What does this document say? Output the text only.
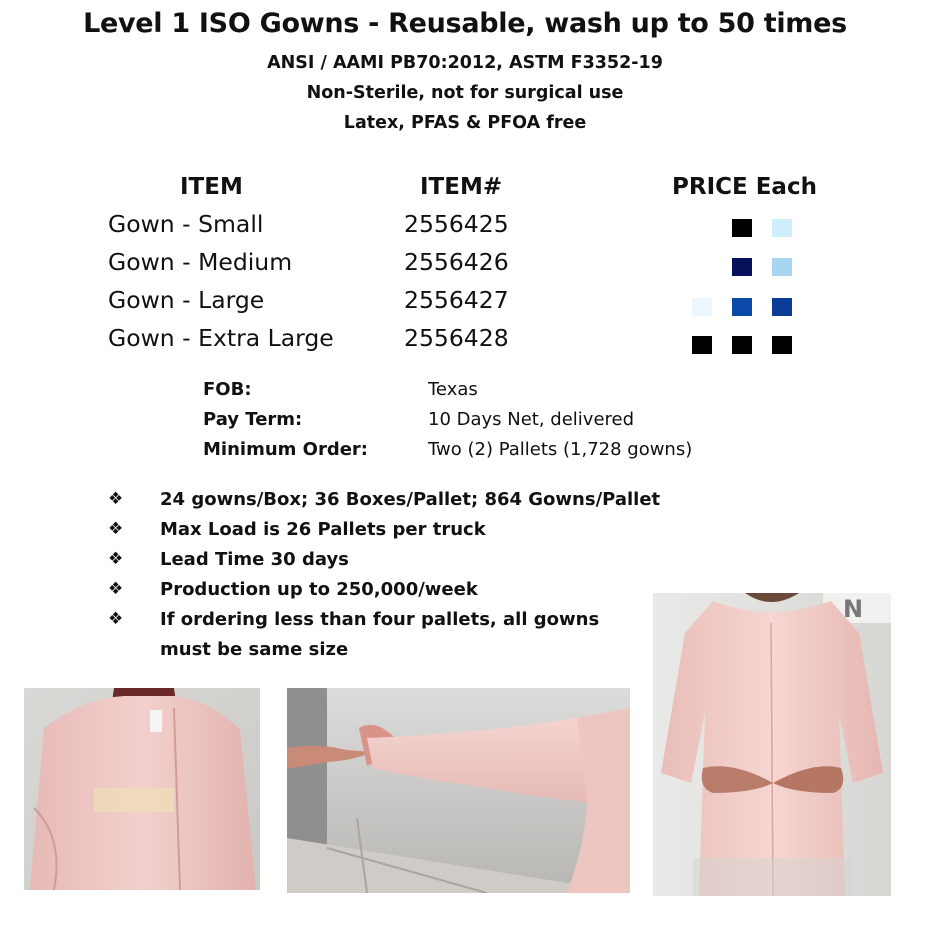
Level 1 ISO Gowns - Reusable, wash up to 50 times
ANSI / AAMI PB70:2012, ASTM F3352-19
Non-Sterile, not for surgical use
Latex, PFAS & PFOA free
ITEM	ITEM#	PRICE Each
Gown - Small	2556425
Gown - Medium	2556426
Gown - Large	2556427
Gown - Extra Large	2556428
FOB:	Texas
Pay Term:	10 Days Net, delivered
Minimum Order:	Two (2) Pallets (1,728 gowns)
❖ 24 gowns/Box; 36 Boxes/Pallet; 864 Gowns/Pallet
❖ Max Load is 26 Pallets per truck
❖ Lead Time 30 days
❖ Production up to 250,000/week
❖ If ordering less than four pallets, all gowns
must be same size
N
